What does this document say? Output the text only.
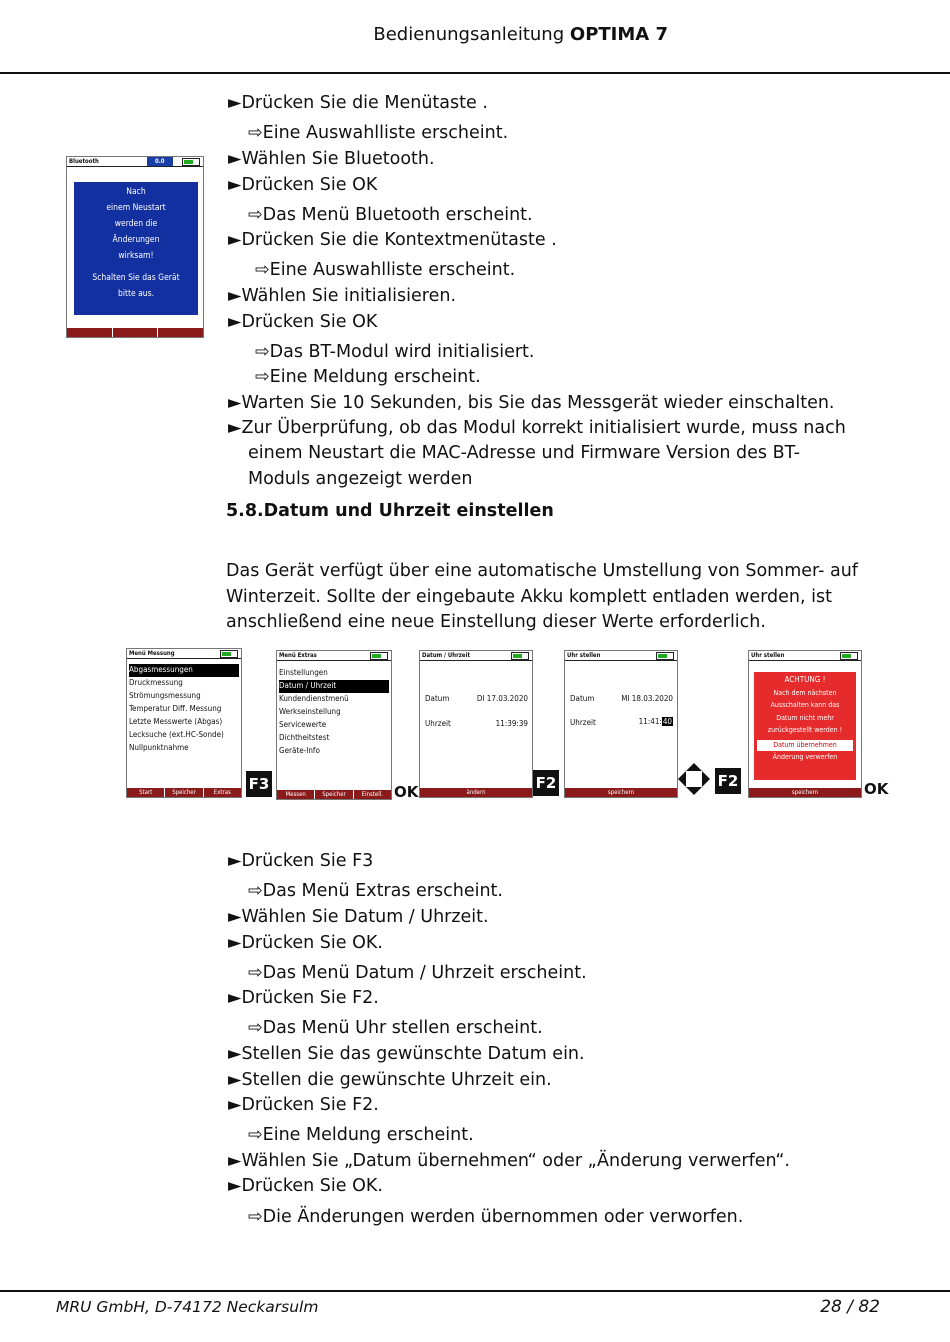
Bedienungsanleitung OPTIMA 7
Bluetooth	0.0
Nach
einem Neustart
werden die
Änderungen
wirksam!
Schalten Sie das Gerät
bitte aus.
►Drücken Sie die Menütaste .
⇨Eine Auswahlliste erscheint.
►Wählen Sie Bluetooth.
►Drücken Sie OK
⇨Das Menü Bluetooth erscheint.
►Drücken Sie die Kontextmenütaste .
⇨Eine Auswahlliste erscheint.
►Wählen Sie initialisieren.
►Drücken Sie OK
⇨Das BT-Modul wird initialisiert.
⇨Eine Meldung erscheint.
►Warten Sie 10 Sekunden, bis Sie das Messgerät wieder einschalten.
►Zur Überprüfung, ob das Modul korrekt initialisiert wurde, muss nach
einem Neustart die MAC-Adresse und Firmware Version des BT-
Moduls angezeigt werden
5.8.Datum und Uhrzeit einstellen
Das Gerät verfügt über eine automatische Umstellung von Sommer- auf Winterzeit. Sollte der eingebaute Akku komplett entladen werden, ist anschließend eine neue Einstellung dieser Werte erforderlich.
Menü Messung
Abgasmessungen
Druckmessung
Strömungsmessung
Temperatur Diff. Messung
Letzte Messwerte (Abgas)
Lecksuche (ext.HC-Sonde)
Nullpunktnahme
Start	Speicher	Extras	F3
Menü Extras
Einstellungen
Datum / Uhrzeit
Kundendienstmenü
Werkseinstellung
Servicewerte
Dichtheitstest
Geräte-Info
Messen	Speicher	Einstell. OK
Datum / Uhrzeit
Datum	DI 17.03.2020
Uhrzeit	11:39:39
ändern
F2
Uhr stellen
Datum	MI 18.03.2020
Uhrzeit	11:41:40
speichern
F2
Uhr stellen
ACHTUNG !
Nach dem nächsten
Ausschalten kann das
Datum nicht mehr
zurückgestellt werden !
Datum übernehmen
Änderung verwerfen
speichern	OK
►Drücken Sie F3
⇨Das Menü Extras erscheint.
►Wählen Sie Datum / Uhrzeit.
►Drücken Sie OK.
⇨Das Menü Datum / Uhrzeit erscheint.
►Drücken Sie F2.
⇨Das Menü Uhr stellen erscheint.
►Stellen Sie das gewünschte Datum ein.
►Stellen die gewünschte Uhrzeit ein.
►Drücken Sie F2.
⇨Eine Meldung erscheint.
►Wählen Sie „Datum übernehmen“ oder „Änderung verwerfen“.
►Drücken Sie OK.
⇨Die Änderungen werden übernommen oder verworfen.
MRU GmbH, D-74172 Neckarsulm	28 / 82
